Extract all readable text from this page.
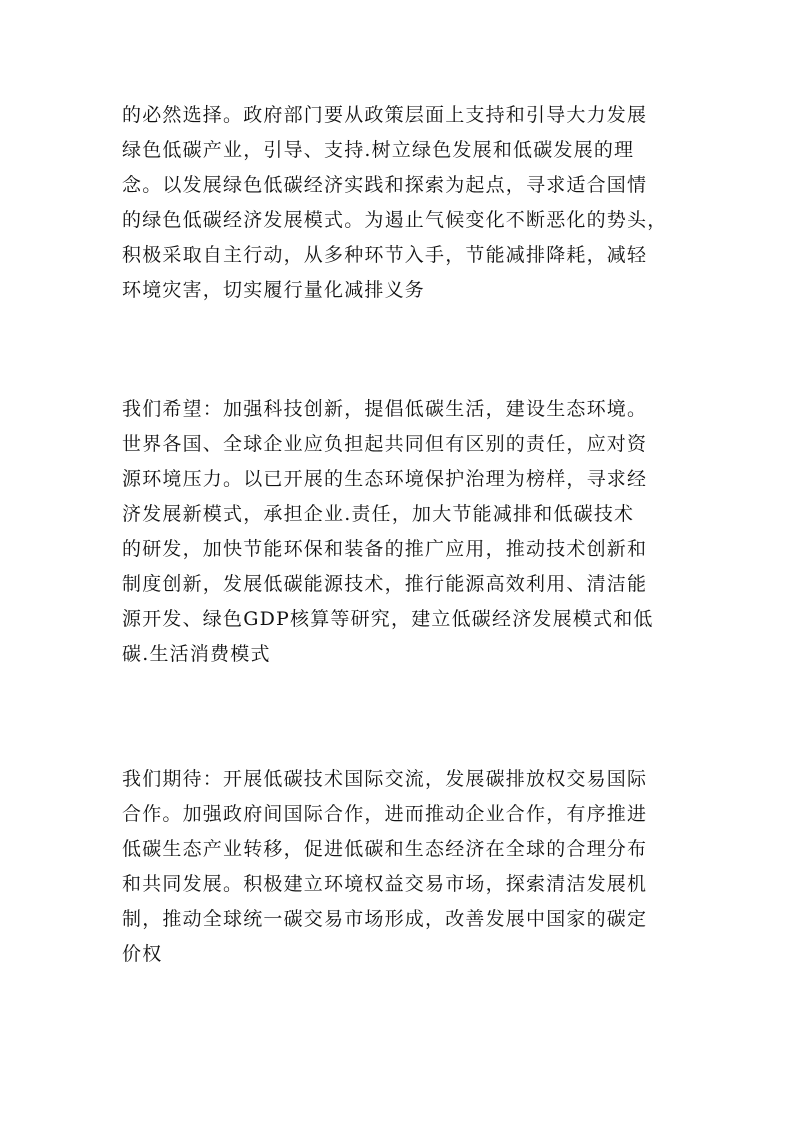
的必然选择。政府部门要从政策层面上支持和引导大力发展
绿色低碳产业，引导、支持.树立绿色发展和低碳发展的理
念。以发展绿色低碳经济实践和探索为起点，寻求适合国情
的绿色低碳经济发展模式。为遏止气候变化不断恶化的势头，
积极采取自主行动，从多种环节入手，节能减排降耗，减轻
环境灾害，切实履行量化减排义务
我们希望：加强科技创新，提倡低碳生活，建设生态环境。
世界各国、全球企业应负担起共同但有区别的责任，应对资
源环境压力。以已开展的生态环境保护治理为榜样，寻求经
济发展新模式，承担企业.责任，加大节能减排和低碳技术
的研发，加快节能环保和装备的推广应用，推动技术创新和
制度创新，发展低碳能源技术，推行能源高效利用、清洁能
源开发、绿色GDP核算等研究，建立低碳经济发展模式和低
碳.生活消费模式
我们期待：开展低碳技术国际交流，发展碳排放权交易国际
合作。加强政府间国际合作，进而推动企业合作，有序推进
低碳生态产业转移，促进低碳和生态经济在全球的合理分布
和共同发展。积极建立环境权益交易市场，探索清洁发展机
制，推动全球统一碳交易市场形成，改善发展中国家的碳定
价权
